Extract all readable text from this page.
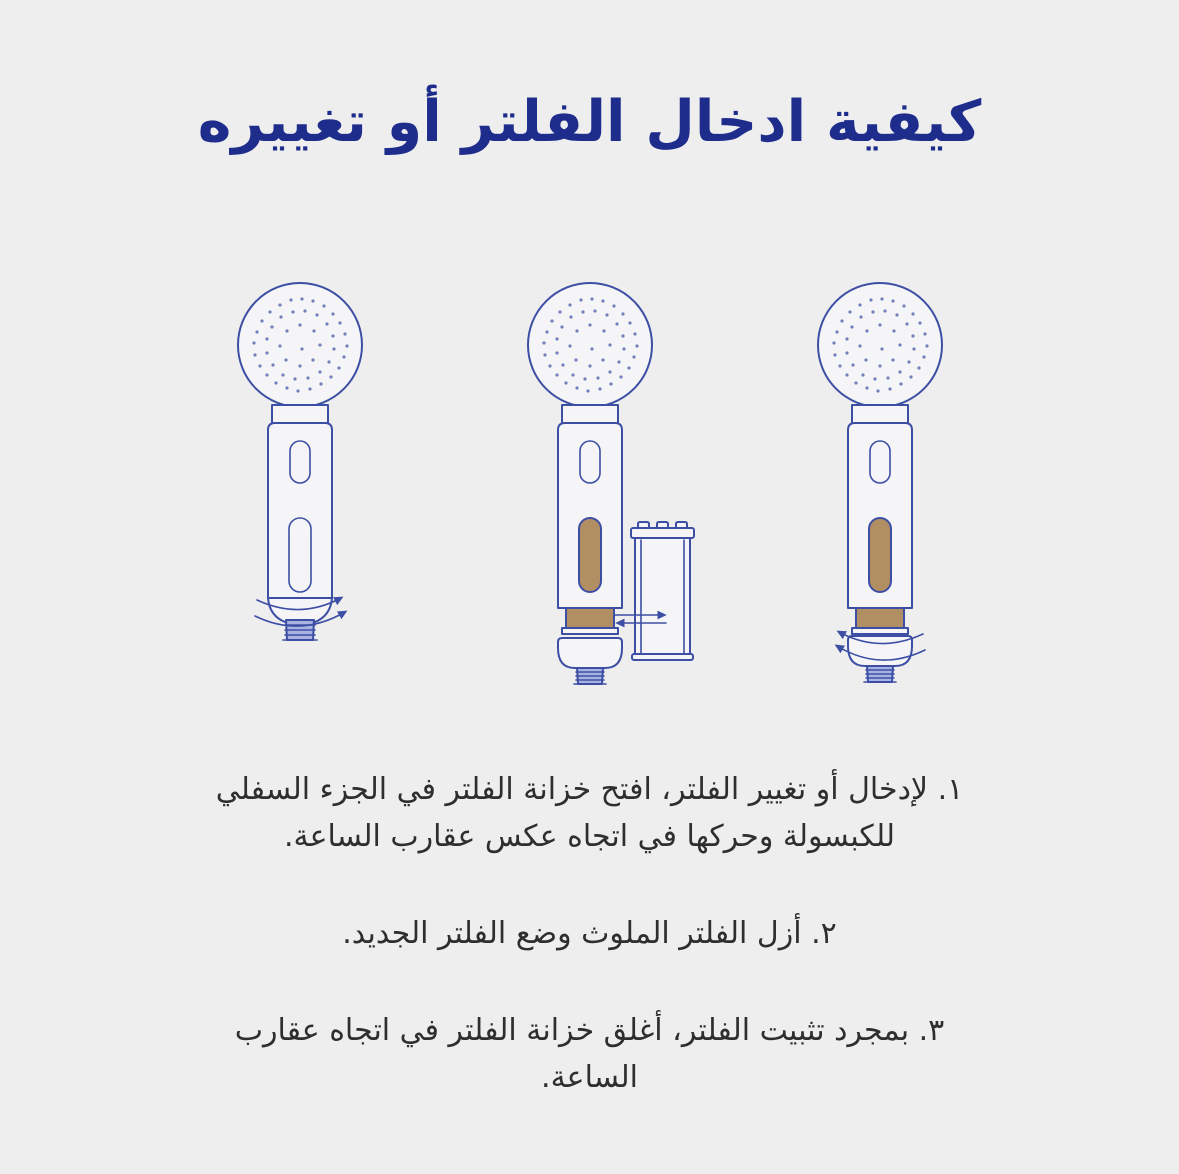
كيفية ادخال الفلتر أو تغييره
١. لإدخال أو تغيير الفلتر، افتح خزانة الفلتر في الجزء السفلي
للكبسولة وحركها في اتجاه عكس عقارب الساعة.
٢. أزل الفلتر الملوث وضع الفلتر الجديد.
٣. بمجرد تثبيت الفلتر، أغلق خزانة الفلتر في اتجاه عقارب الساعة.
